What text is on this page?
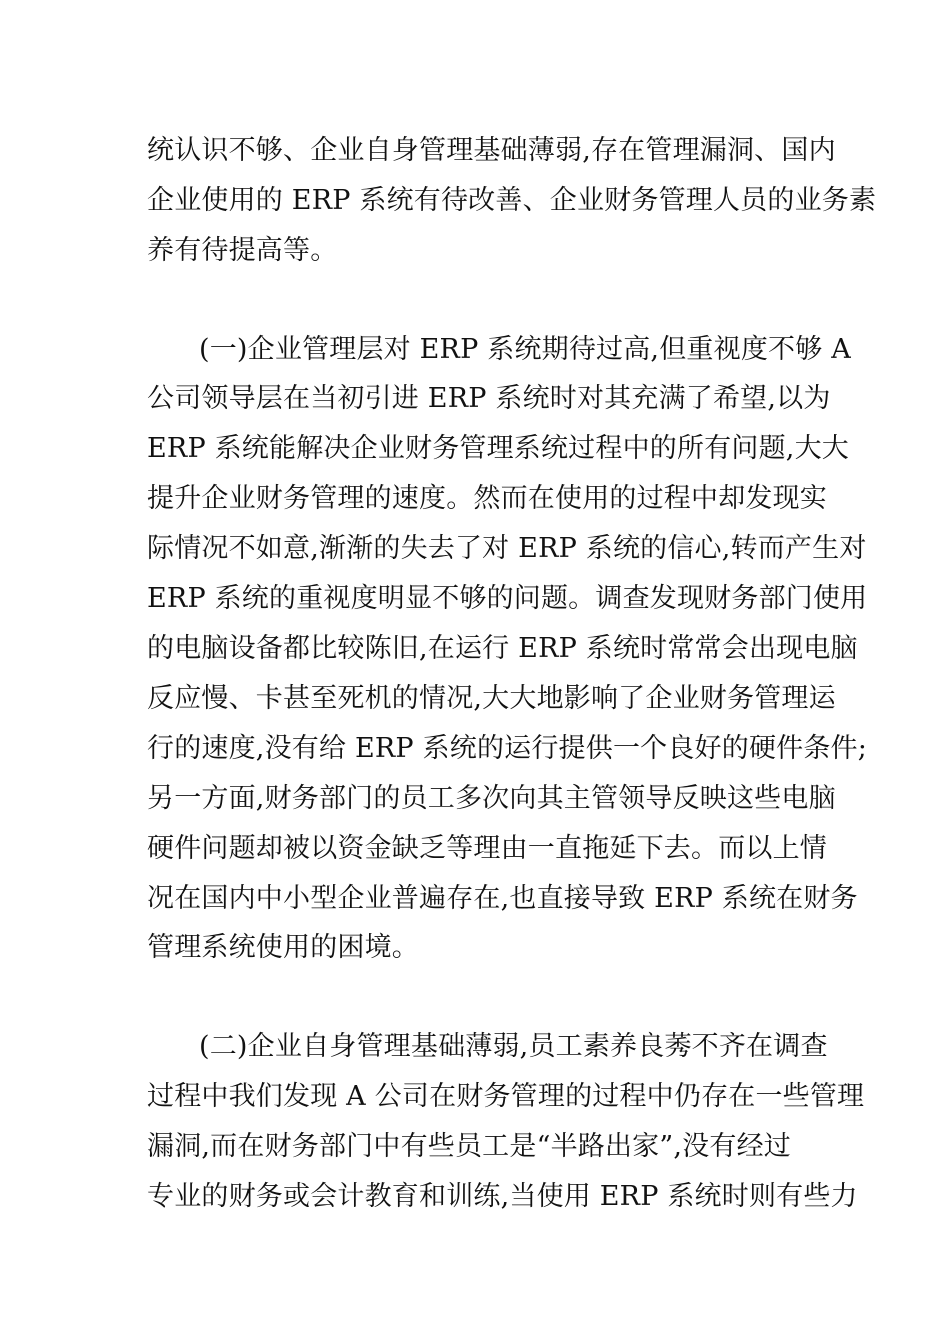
统认识不够、企业自身管理基础薄弱,存在管理漏洞、国内
企业使用的 ERP 系统有待改善、企业财务管理人员的业务素
养有待提高等。
(一)企业管理层对 ERP 系统期待过高,但重视度不够 A
公司领导层在当初引进 ERP 系统时对其充满了希望,以为
ERP 系统能解决企业财务管理系统过程中的所有问题,大大
提升企业财务管理的速度。然而在使用的过程中却发现实
际情况不如意,渐渐的失去了对 ERP 系统的信心,转而产生对
ERP 系统的重视度明显不够的问题。调查发现财务部门使用
的电脑设备都比较陈旧,在运行 ERP 系统时常常会出现电脑
反应慢、卡甚至死机的情况,大大地影响了企业财务管理运
行的速度,没有给 ERP 系统的运行提供一个良好的硬件条件;
另一方面,财务部门的员工多次向其主管领导反映这些电脑
硬件问题却被以资金缺乏等理由一直拖延下去。而以上情
况在国内中小型企业普遍存在,也直接导致 ERP 系统在财务
管理系统使用的困境。
(二)企业自身管理基础薄弱,员工素养良莠不齐在调查
过程中我们发现 A 公司在财务管理的过程中仍存在一些管理
漏洞,而在财务部门中有些员工是“半路出家”,没有经过
专业的财务或会计教育和训练,当使用 ERP 系统时则有些力
